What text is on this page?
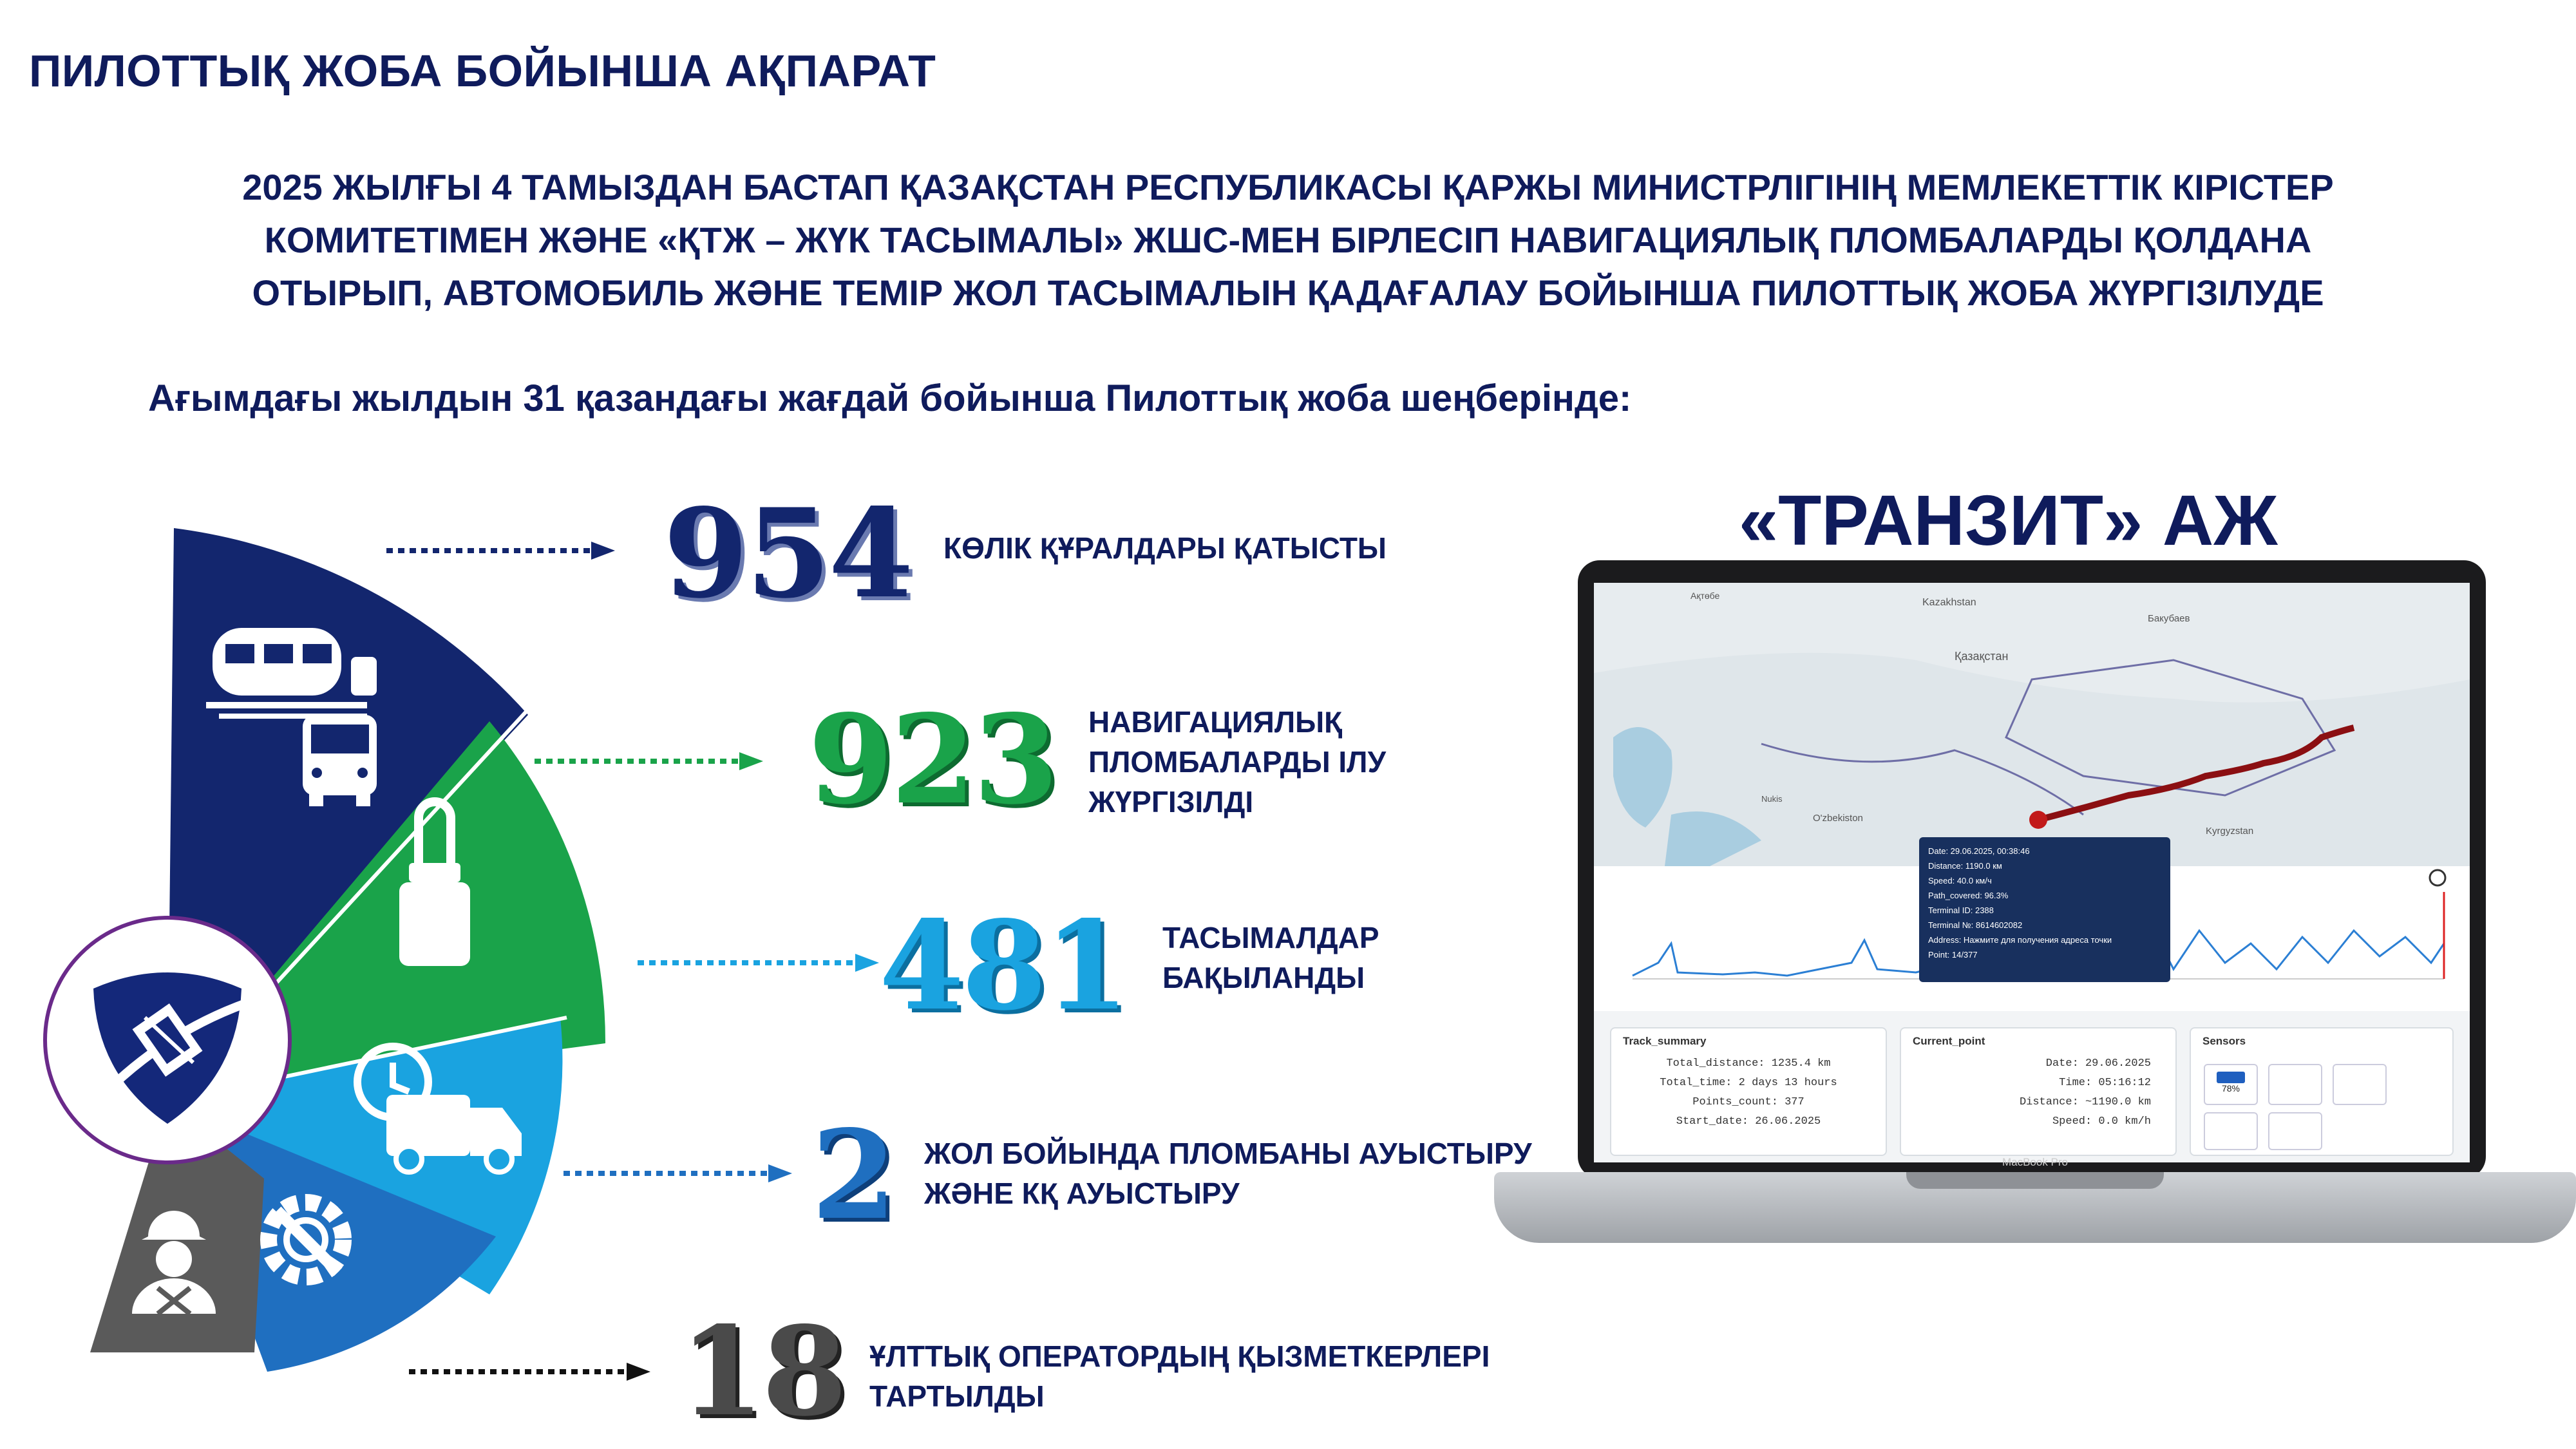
ПИЛОТТЫҚ ЖОБА БОЙЫНША АҚПАРАТ
2025 ЖЫЛҒЫ 4 ТАМЫЗДАН БАСТАП ҚАЗАҚСТАН РЕСПУБЛИКАСЫ ҚАРЖЫ МИНИСТРЛІГІНІҢ МЕМЛЕКЕТТІК КІРІСТЕР
КОМИТЕТІМЕН ЖӘНЕ «ҚТЖ – ЖҮК ТАСЫМАЛЫ» ЖШС-МЕН БІРЛЕСІП НАВИГАЦИЯЛЫҚ ПЛОМБАЛАРДЫ ҚОЛДАНА
ОТЫРЫП, АВТОМОБИЛЬ ЖӘНЕ ТЕМІР ЖОЛ ТАСЫМАЛЫН ҚАДАҒАЛАУ БОЙЫНША ПИЛОТТЫҚ ЖОБА ЖҮРГІЗІЛУДЕ
Ағымдағы жылдын 31 қазандағы жағдай бойынша Пилоттық жоба шеңберінде:
954 КӨЛІК ҚҰРАЛДАРЫ ҚАТЫСТЫ
923 НАВИГАЦИЯЛЫҚ
ПЛОМБАЛАРДЫ ІЛУ
ЖҮРГІЗІЛДІ
481 ТАСЫМАЛДАР
БАҚЫЛАНДЫ
2 ЖОЛ БОЙЫНДА ПЛОМБАНЫ АУЫСТЫРУ
ЖӘНЕ КҚ АУЫСТЫРУ
18 ҰЛТТЫҚ ОПЕРАТОРДЫҢ ҚЫЗМЕТКЕРЛЕРІ
ТАРТЫЛДЫ
«ТРАНЗИТ» АЖ
Ақтөбе
Kazakhstan
Қазақстан
O'zbekiston
Kyrgyzstan
Бакубаев
Nukis
Date: 29.06.2025, 00:38:46
Distance: 1190.0 км
Speed: 40.0 км/ч
Path_covered: 96.3%
Terminal ID: 2388
Terminal №: 8614602082
Address: Нажмите для получения адреса точки
Point: 14/377
Track_summary
Total_distance: 1235.4 km
Total_time: 2 days 13 hours
Points_count: 377
Start_date: 26.06.2025
Current_point
Date: 29.06.2025
Time: 05:16:12
Distance: ~1190.0 km
Speed: 0.0 km/h
Sensors
78%
MacBook Pro
